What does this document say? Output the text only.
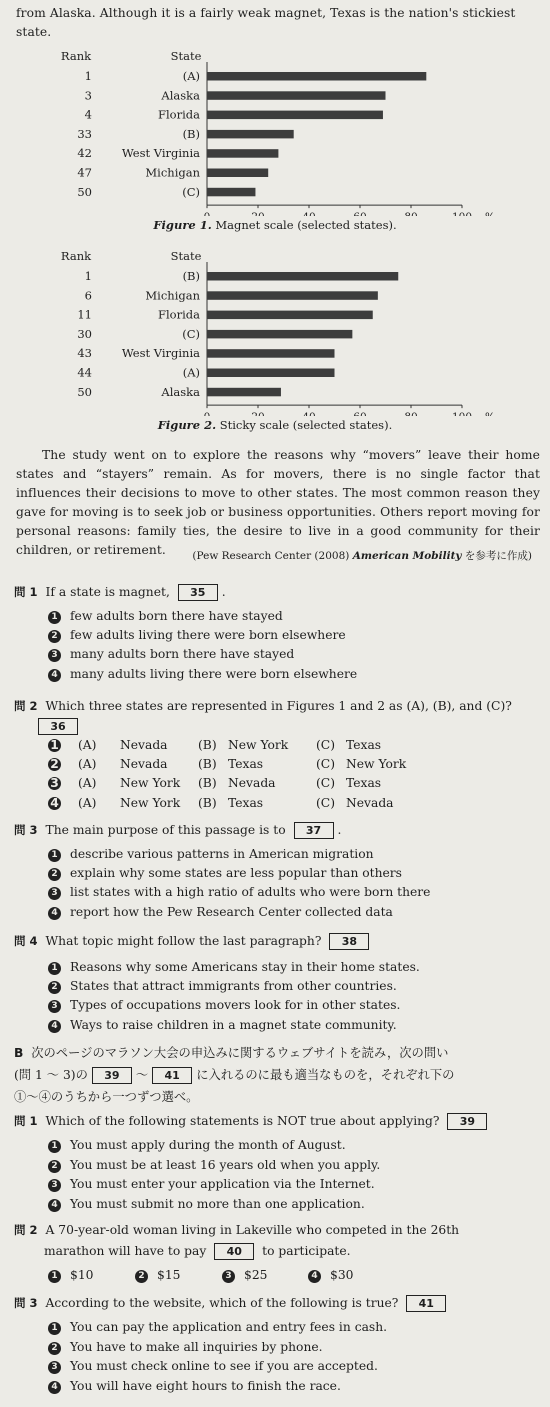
from Alaska. Although it is a fairly weak magnet, Texas is the nation's stickiest state.
Rank	State
1	(A)
3	Alaska
4	Florida
33	(B)
42	West Virginia
47	Michigan
50	(C)
Figure 1. Magnet scale (selected states).
Rank	State
1	(B)
6	Michigan
11	Florida
30	(C)
43	West Virginia
44	(A)
50	Alaska
Figure 2. Sticky scale (selected states).
The study went on to explore the reasons why “movers” leave their home states and “stayers” remain. As for movers, there is no single factor that influences their decisions to move to other states. The most common reason they gave for moving is to seek job or business opportunities. Others report moving for personal reasons: family ties, the desire to live in a good community for their children, or retirement.	(Pew Research Center (2008) American Mobility を参考に作成)
問 1 If a state is magnet, 35 .
1 few adults born there have stayed
2 few adults living there were born elsewhere
3 many adults born there have stayed
4 many adults living there were born elsewhere
問 2 Which three states are represented in Figures 1 and 2 as (A), (B), and (C)?
36
1 (A) Nevada (B) New York (C) Texas
2 (A) Nevada (B) Texas	(C) New York
3 (A) New York (B) Nevada	(C) Texas
4 (A) New York (B) Texas	(C) Nevada
問 3 The main purpose of this passage is to 37 .
1 describe various patterns in American migration
2 explain why some states are less popular than others
3 list states with a high ratio of adults who were born there
4 report how the Pew Research Center collected data
問 4 What topic might follow the last paragraph? 38
1 Reasons why some Americans stay in their home states.
2 States that attract immigrants from other countries.
3 Types of occupations movers look for in other states.
4 Ways to raise children in a magnet state community.
B 次のページのマラソン大会の申込みに関するウェブサイトを読み，次の問い
(問 1 ～ 3)の 39 ～ 41 に入れるのに最も適当なものを，それぞれ下の
①～④のうちから一つずつ選べ。
問 1 Which of the following statements is NOT true about applying? 39
1 You must apply during the month of August.
2 You must be at least 16 years old when you apply.
3 You must enter your application via the Internet.
4 You must submit no more than one application.
問 2 A 70-year-old woman living in Lakeville who competed in the 26th
marathon will have to pay 40 to participate.
1 $10	2 $15	3 $25	4 $30
問 3 According to the website, which of the following is true? 41
1 You can pay the application and entry fees in cash.
2 You have to make all inquiries by phone.
3 You must check online to see if you are accepted.
4 You will have eight hours to finish the race.
